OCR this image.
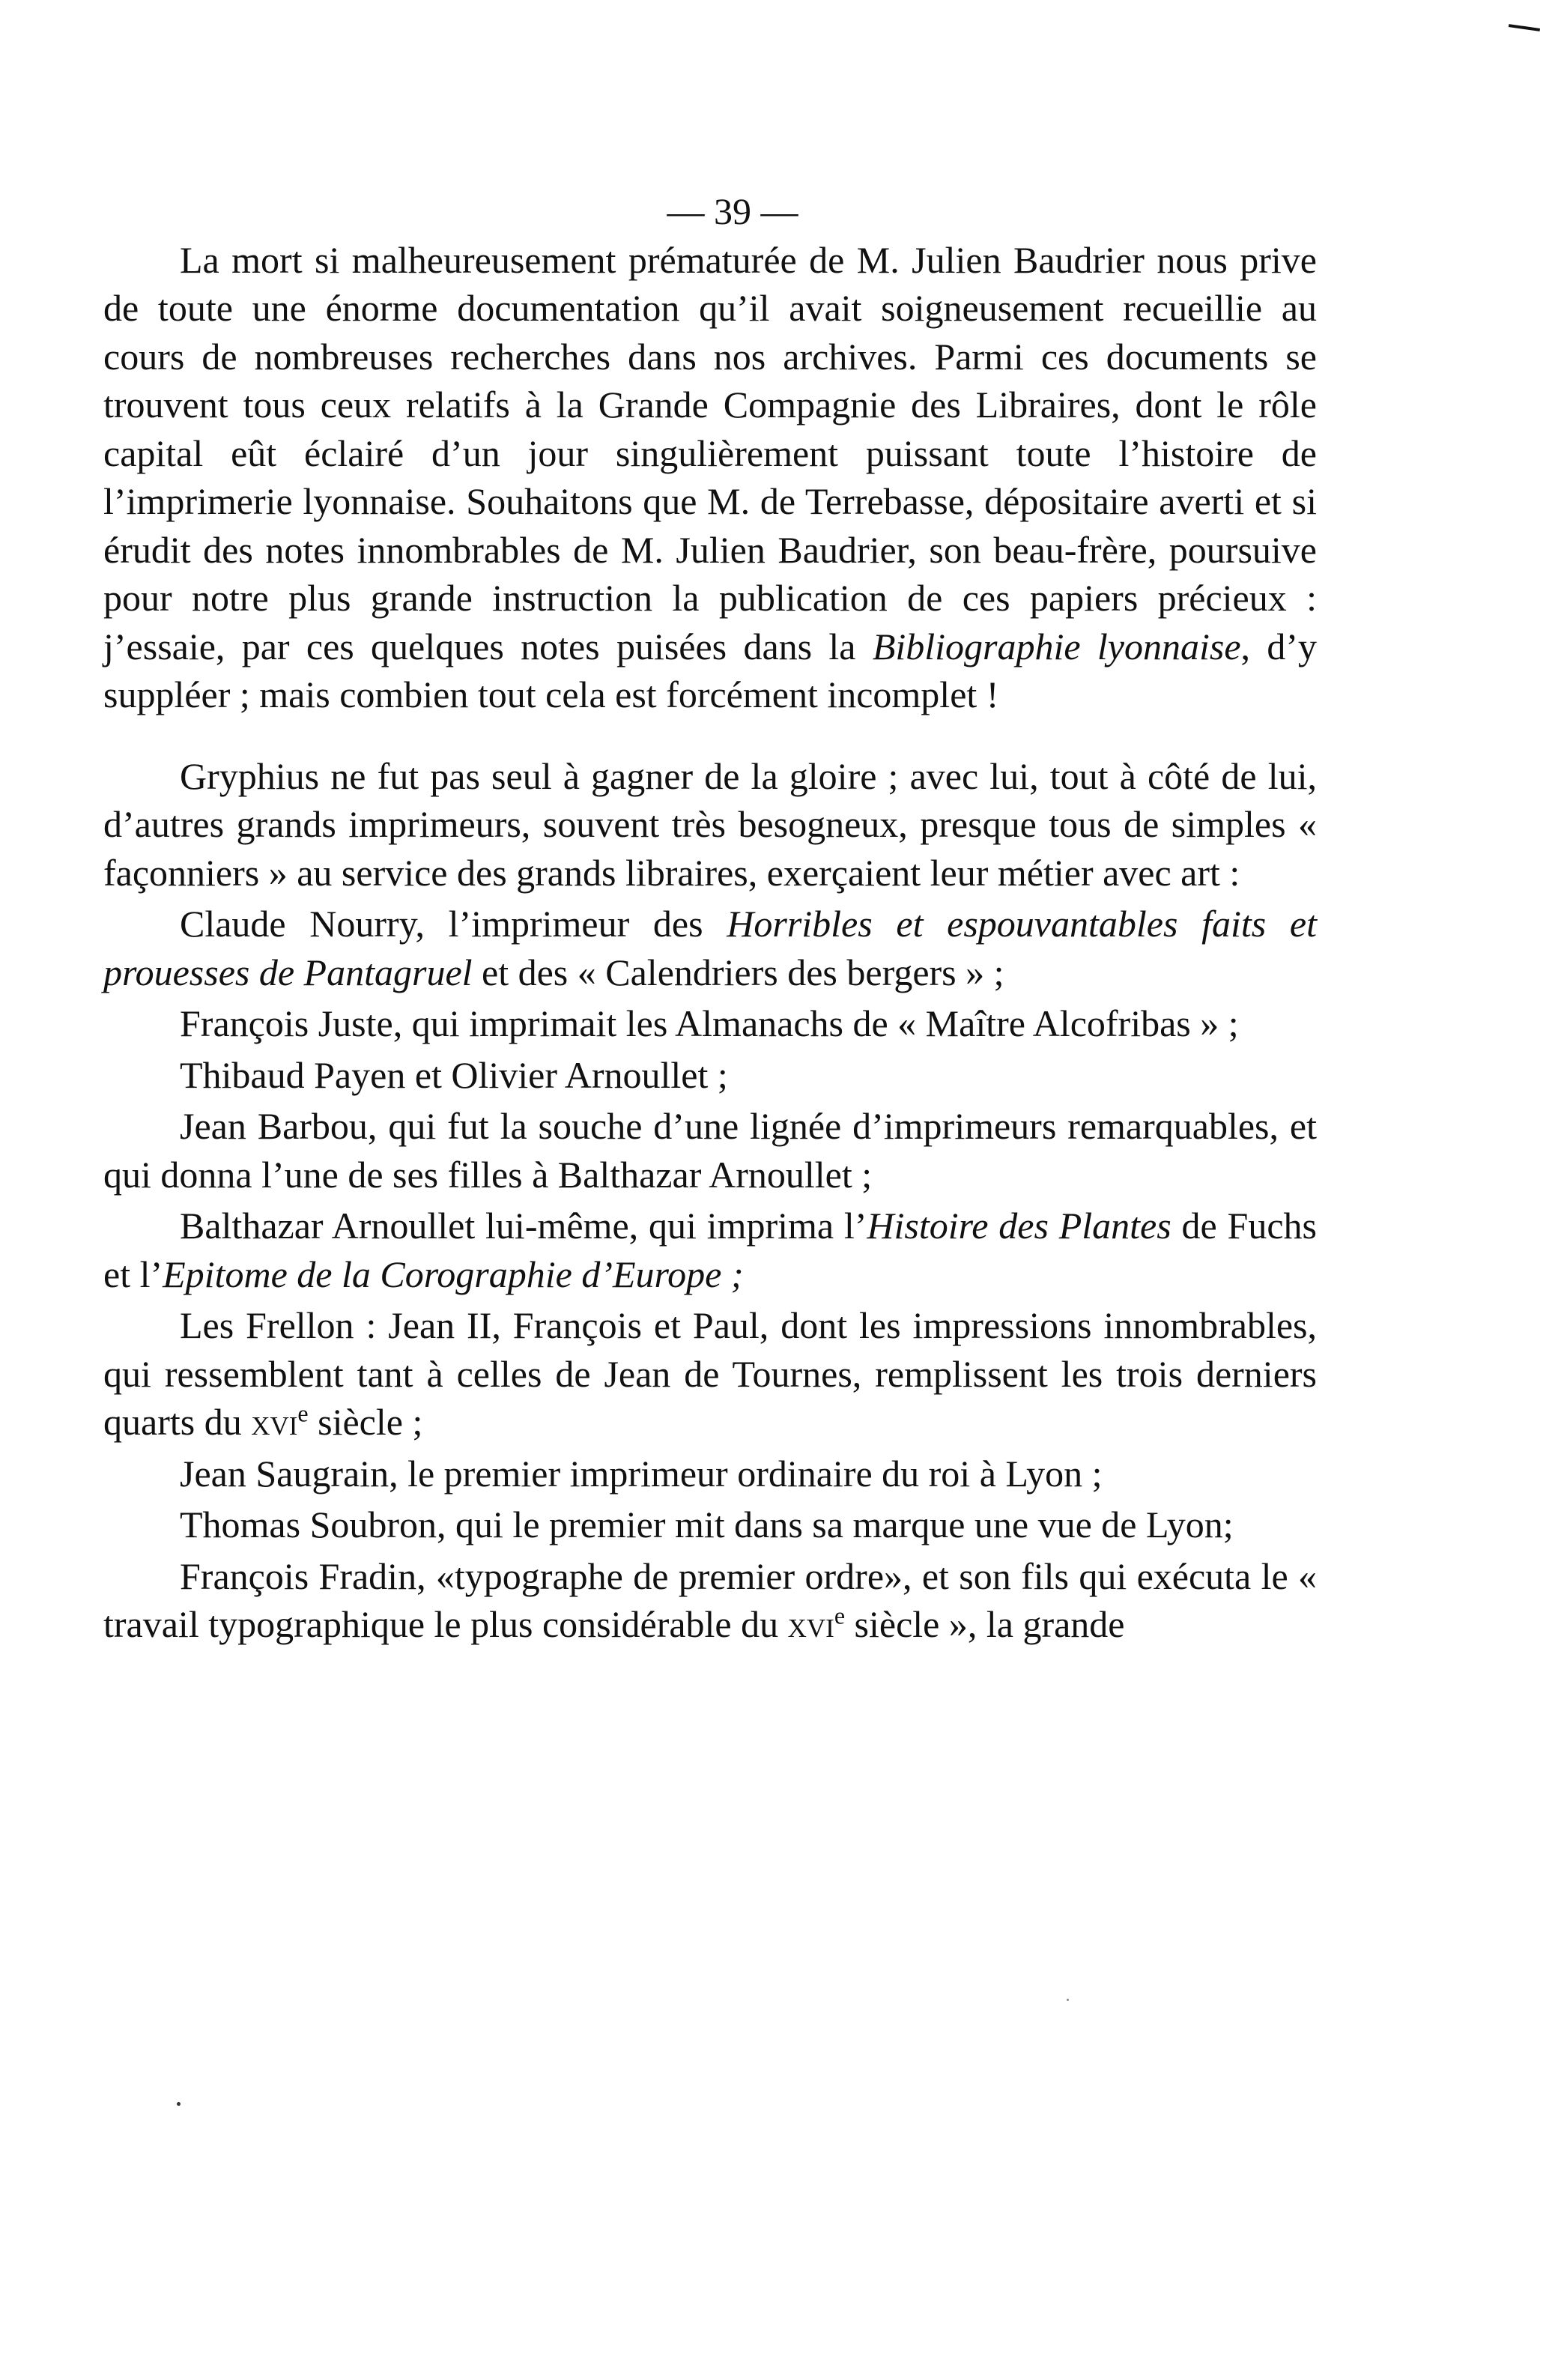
— 39 —

La mort si malheureusement prématurée de M. Julien Baudrier nous prive de toute une énorme documentation qu’il avait soigneusement recueillie au cours de nombreuses recherches dans nos archives. Parmi ces documents se trouvent tous ceux relatifs à la Grande Compagnie des Libraires, dont le rôle capital eût éclairé d’un jour singulièrement puissant toute l’histoire de l’imprimerie lyonnaise. Souhaitons que M. de Terrebasse, dépositaire averti et si érudit des notes innombrables de M. Julien Baudrier, son beau-frère, poursuive pour notre plus grande instruction la publication de ces papiers précieux : j’essaie, par ces quelques notes puisées dans la Bibliographie lyonnaise, d’y suppléer ; mais combien tout cela est forcément incomplet !

Gryphius ne fut pas seul à gagner de la gloire ; avec lui, tout à côté de lui, d’autres grands imprimeurs, souvent très besogneux, presque tous de simples « façonniers » au service des grands libraires, exerçaient leur métier avec art :

Claude Nourry, l’imprimeur des Horribles et espouvantables faits et prouesses de Pantagruel et des « Calendriers des bergers » ;

François Juste, qui imprimait les Almanachs de « Maître Alcofribas » ;

Thibaud Payen et Olivier Arnoullet ;

Jean Barbou, qui fut la souche d’une lignée d’imprimeurs remarquables, et qui donna l’une de ses filles à Balthazar Arnoullet ;

Balthazar Arnoullet lui-même, qui imprima l’Histoire des Plantes de Fuchs et l’Epitome de la Corographie d’Europe ;

Les Frellon : Jean II, François et Paul, dont les impressions innombrables, qui ressemblent tant à celles de Jean de Tournes, remplissent les trois derniers quarts du xvi$^e$ siècle ;

Jean Saugrain, le premier imprimeur ordinaire du roi à Lyon ;

Thomas Soubron, qui le premier mit dans sa marque une vue de Lyon;

François Fradin, «typographe de premier ordre», et son fils qui exécuta le « travail typographique le plus considérable du xvi$^e$ siècle », la grande
